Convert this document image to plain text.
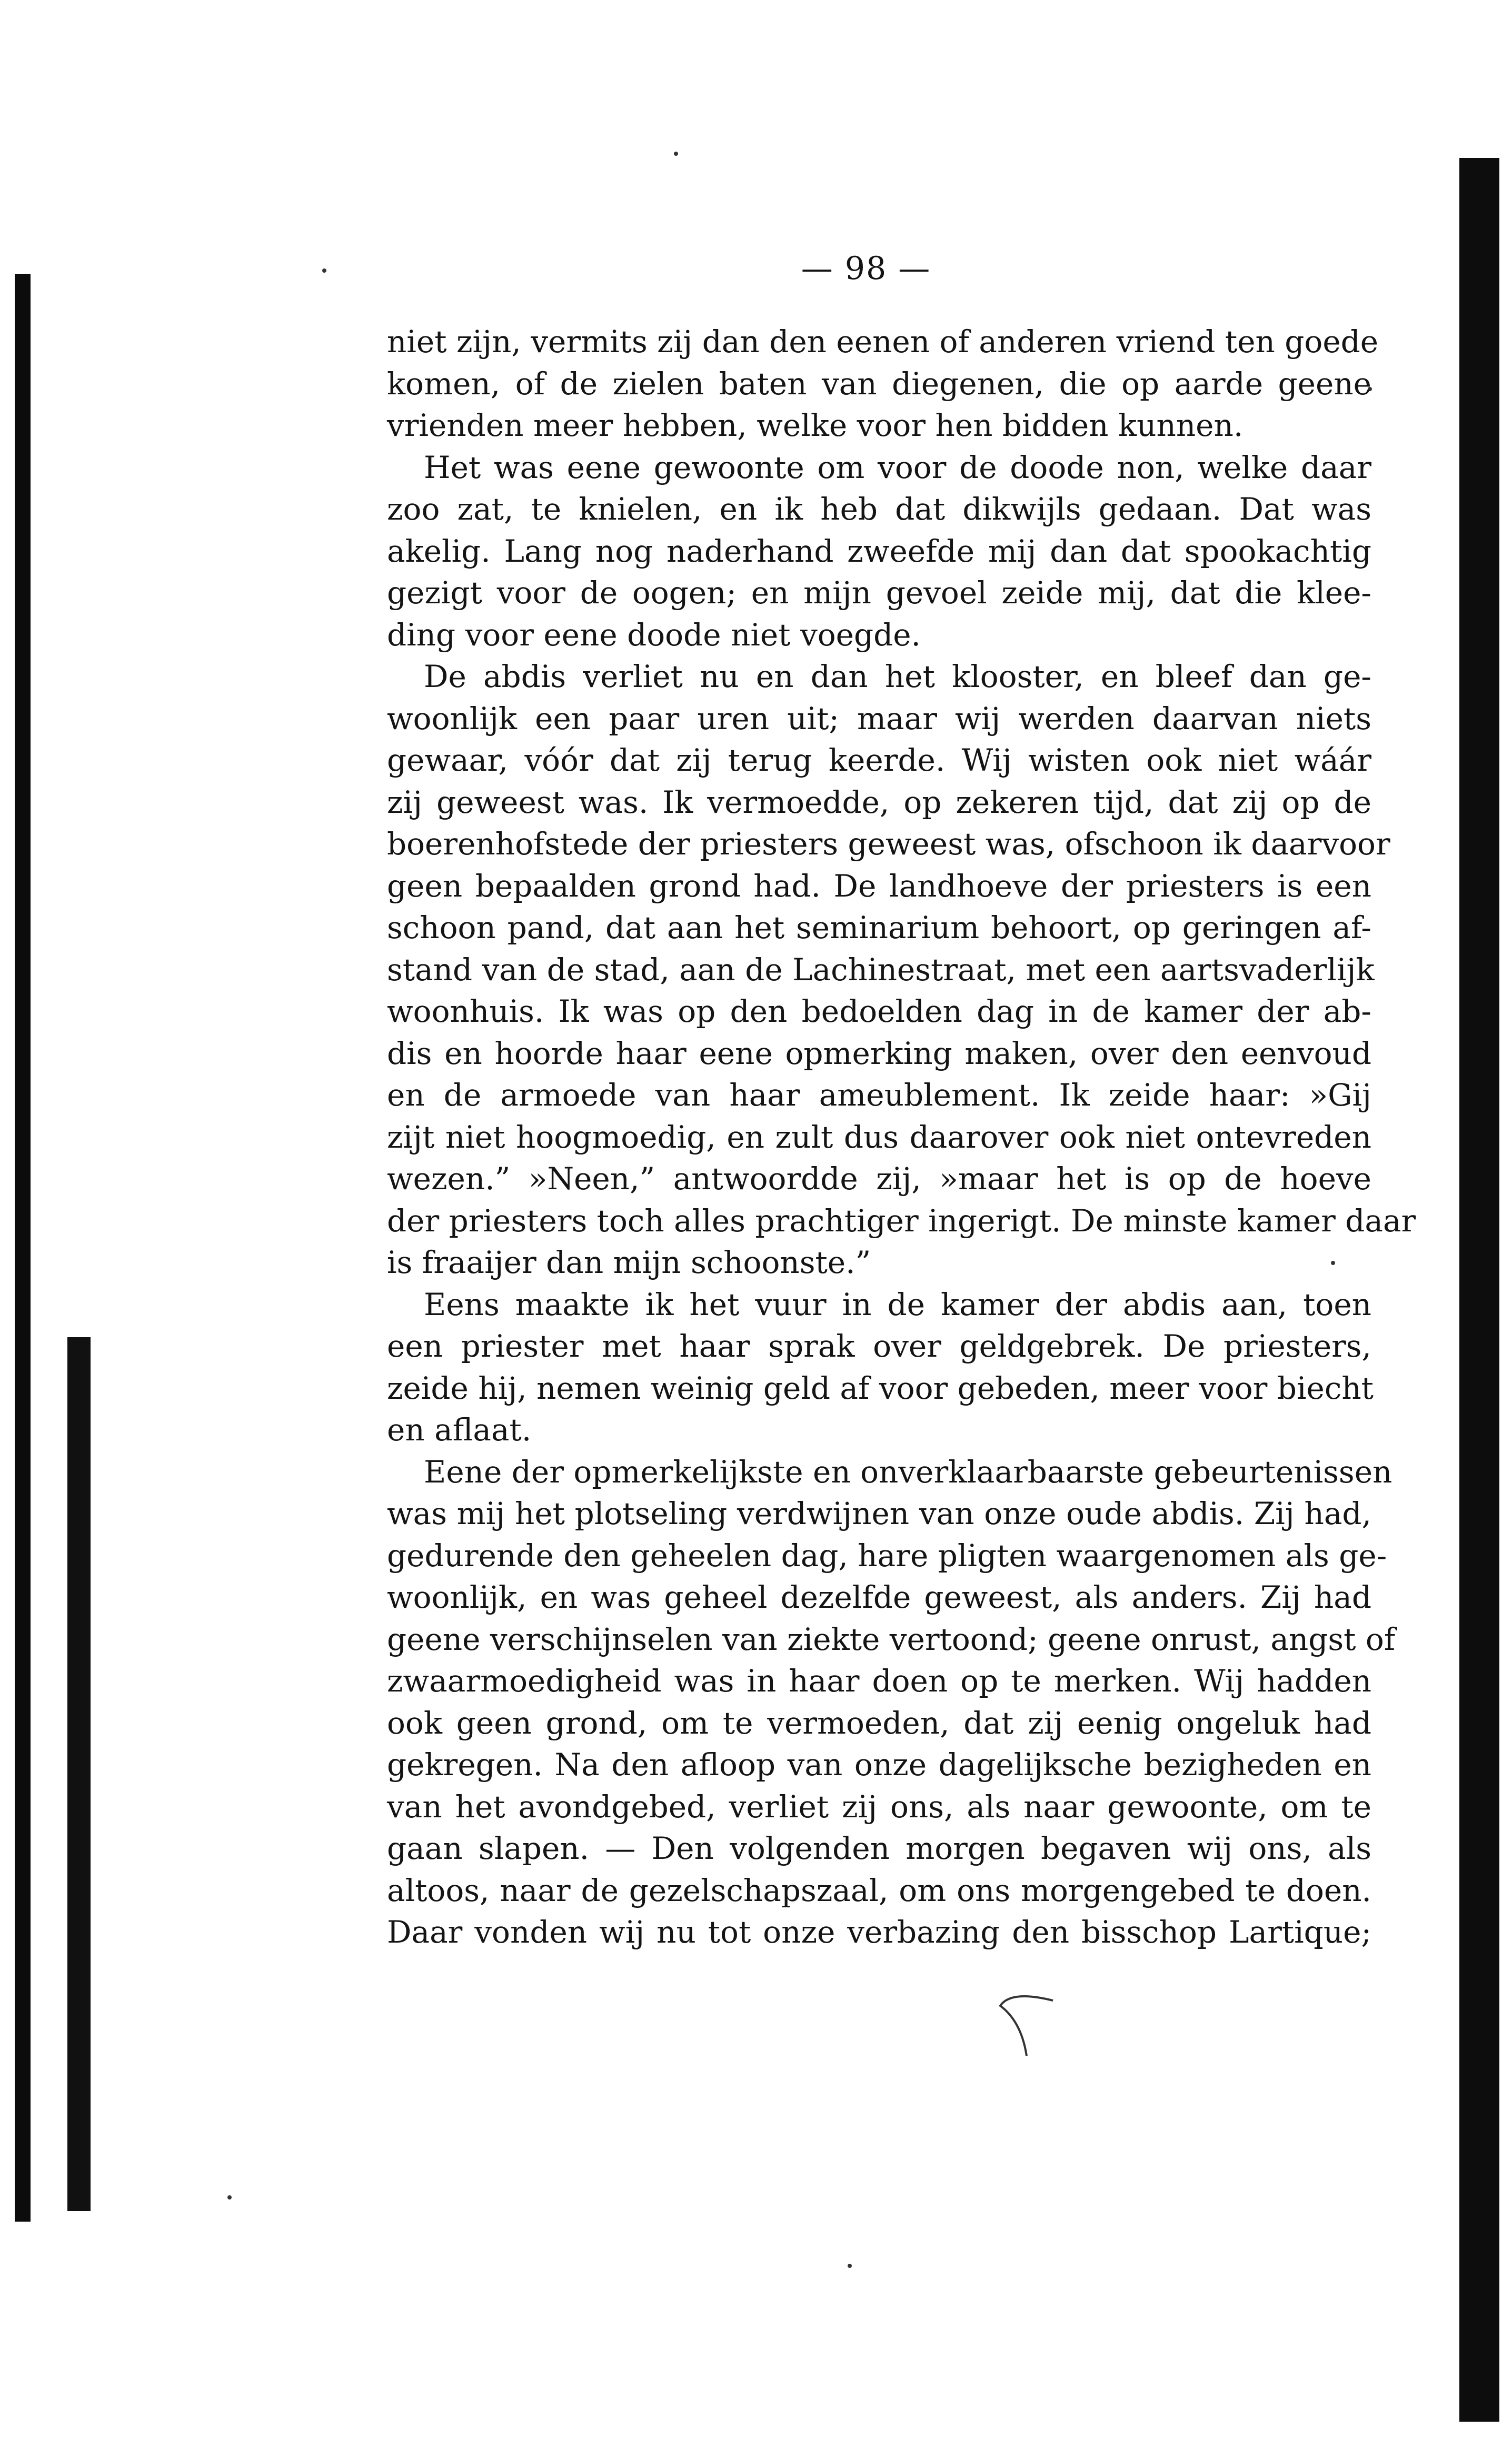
— 98 —
niet zijn, vermits zij dan den eenen of anderen vriend ten goede
komen, of de zielen baten van diegenen, die op aarde geene
vrienden meer hebben, welke voor hen bidden kunnen.
Het was eene gewoonte om voor de doode non, welke daar
zoo zat, te knielen, en ik heb dat dikwijls gedaan. Dat was
akelig. Lang nog naderhand zweefde mij dan dat spookachtig
gezigt voor de oogen; en mijn gevoel zeide mij, dat die klee-
ding voor eene doode niet voegde.
De abdis verliet nu en dan het klooster, en bleef dan ge-
woonlijk een paar uren uit; maar wij werden daarvan niets
gewaar, vóór dat zij terug keerde. Wij wisten ook niet wáár
zij geweest was. Ik vermoedde, op zekeren tijd, dat zij op de
boerenhofstede der priesters geweest was, ofschoon ik daarvoor
geen bepaalden grond had. De landhoeve der priesters is een
schoon pand, dat aan het seminarium behoort, op geringen af-
stand van de stad, aan de Lachinestraat, met een aartsvaderlijk
woonhuis. Ik was op den bedoelden dag in de kamer der ab-
dis en hoorde haar eene opmerking maken, over den eenvoud
en de armoede van haar ameublement. Ik zeide haar: »Gij
zijt niet hoogmoedig, en zult dus daarover ook niet ontevreden
wezen.” »Neen,” antwoordde zij, »maar het is op de hoeve
der priesters toch alles prachtiger ingerigt. De minste kamer daar
is fraaijer dan mijn schoonste.”
Eens maakte ik het vuur in de kamer der abdis aan, toen
een priester met haar sprak over geldgebrek. De priesters,
zeide hij, nemen weinig geld af voor gebeden, meer voor biecht
en aflaat.
Eene der opmerkelijkste en onverklaarbaarste gebeurtenissen
was mij het plotseling verdwijnen van onze oude abdis. Zij had,
gedurende den geheelen dag, hare pligten waargenomen als ge-
woonlijk, en was geheel dezelfde geweest, als anders. Zij had
geene verschijnselen van ziekte vertoond; geene onrust, angst of
zwaarmoedigheid was in haar doen op te merken. Wij hadden
ook geen grond, om te vermoeden, dat zij eenig ongeluk had
gekregen. Na den afloop van onze dagelijksche bezigheden en
van het avondgebed, verliet zij ons, als naar gewoonte, om te
gaan slapen. — Den volgenden morgen begaven wij ons, als
altoos, naar de gezelschapszaal, om ons morgengebed te doen.
Daar vonden wij nu tot onze verbazing den bisschop Lartique;
